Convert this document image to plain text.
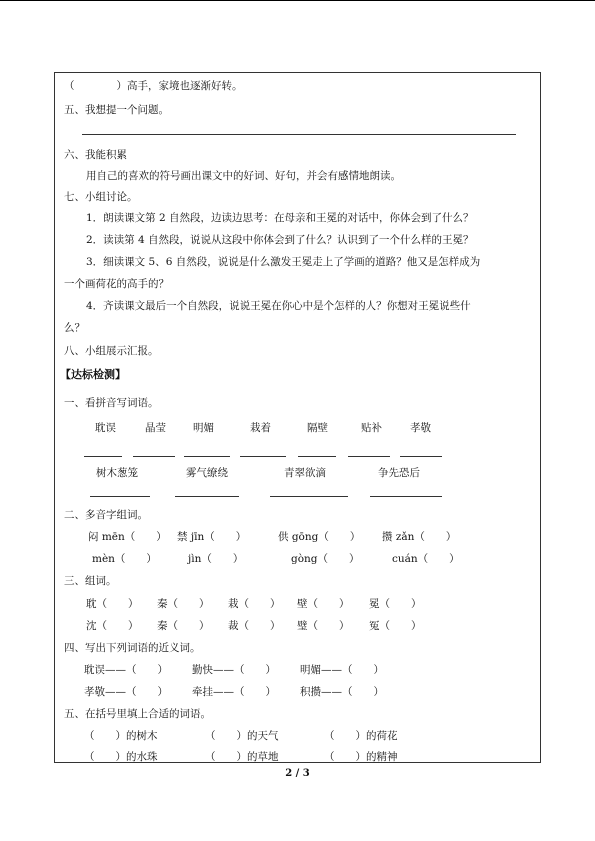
（　　　　）高手，家境也逐渐好转。
五、我想提一个问题。
六、我能积累
用自己的喜欢的符号画出课文中的好词、好句，并会有感情地朗读。
七、小组讨论。
1．朗读课文第 2 自然段，边读边思考：在母亲和王冕的对话中，你体会到了什么？
2．读读第 4 自然段，说说从这段中你体会到了什么？认识到了一个什么样的王冕？
3．细读课文 5、6 自然段，说说是什么激发王冕走上了学画的道路？他又是怎样成为
一个画荷花的高手的？
4．齐读课文最后一个自然段，说说王冕在你心中是个怎样的人？你想对王冕说些什
么？
八、小组展示汇报。
【达标检测】
一、看拼音写词语。
耽误	晶莹	明媚	栽着	隔壁	贴补	孝敬
树木葱笼	雾气缭绕	青翠欲滴	争先恐后
二、多音字组词。
闷 mēn（　　） 禁 jīn（　　）	供 gōng（　　） 攒 zǎn（　　）
mèn（　　）	jìn（　　）	gòng（　　）	cuán（　　）
三、组词。
耽（　　） 秦（　　） 栽（　　） 壁（　　） 冕（　　）
沈（　　） 秦（　　） 裁（　　） 璧（　　） 冤（　　）
四、写出下列词语的近义词。
耽误——（　　） 勤快——（　　） 明媚——（　　）
孝敬——（　　） 牵挂——（　　） 积攒——（　　）
五、在括号里填上合适的词语。
（　　）的树木	（　　）的天气	（　　）的荷花
（　　）的水珠	（　　）的草地	（　　）的精神
2 / 3
